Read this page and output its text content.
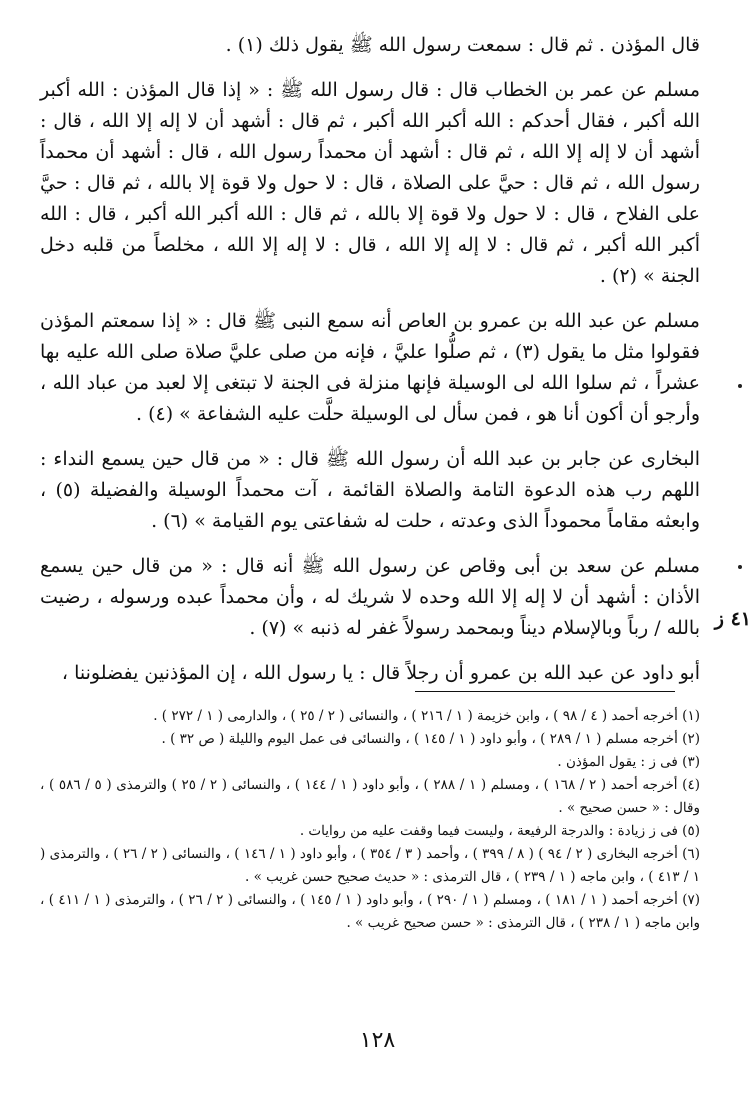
قال المؤذن . ثم قال : سمعت رسول الله ﷺ يقول ذلك (١) .

مسلم عن عمر بن الخطاب قال : قال رسول الله ﷺ : « إذا قال المؤذن : الله أكبر الله أكبر ، فقال أحدكم : الله أكبر الله أكبر ، ثم قال : أشهد أن لا إله إلا الله ، قال : أشهد أن لا إله إلا الله ، ثم قال : أشهد أن محمداً رسول الله ، قال : أشهد أن محمداً رسول الله ، ثم قال : حيَّ على الصلاة ، قال : لا حول ولا قوة إلا بالله ، ثم قال : حيَّ على الفلاح ، قال : لا حول ولا قوة إلا بالله ، ثم قال : الله أكبر الله أكبر ، قال : الله أكبر الله أكبر ، ثم قال : لا إله إلا الله ، قال : لا إله إلا الله ، مخلصاً من قلبه دخل الجنة » (٢) .

مسلم عن عبد الله بن عمرو بن العاص أنه سمع النبى ﷺ قال : « إذا سمعتم المؤذن فقولوا مثل ما يقول (٣) ، ثم صلُّوا عليَّ ، فإنه من صلى عليَّ صلاة صلى الله عليه بها عشراً ، ثم سلوا الله لى الوسيلة فإنها منزلة فى الجنة لا تبتغى إلا لعبد من عباد الله ، وأرجو أن أكون أنا هو ، فمن سأل لى الوسيلة حلَّت عليه الشفاعة » (٤) .

البخارى عن جابر بن عبد الله أن رسول الله ﷺ قال : « من قال حين يسمع النداء : اللهم رب هذه الدعوة التامة والصلاة القائمة ، آت محمداً الوسيلة والفضيلة (٥) ، وابعثه مقاماً محموداً الذى وعدته ، حلت له شفاعتى يوم القيامة » (٦) .

مسلم عن سعد بن أبى وقاص عن رسول الله ﷺ أنه قال : « من قال حين يسمع الأذان : أشهد أن لا إله إلا الله وحده لا شريك له ، وأن محمداً عبده ورسوله ، رضيت بالله / رباً وبالإسلام ديناً وبمحمد رسولاً غفر له ذنبه » (٧) .

أبو داود عن عبد الله بن عمرو أن رجلاً قال : يا رسول الله ، إن المؤذنين يفضلوننا ،

٤١ ز

(١) أخرجه أحمد ( ٤ / ٩٨ ) ، وابن خزيمة ( ١ / ٢١٦ ) ، والنسائى ( ٢ / ٢٥ ) ، والدارمى ( ١ / ٢٧٢ ) .

(٢) أخرجه مسلم ( ١ / ٢٨٩ ) ، وأبو داود ( ١ / ١٤٥ ) ، والنسائى فى عمل اليوم والليلة ( ص ٣٢ ) .

(٣) فى ز : يقول المؤذن .

(٤) أخرجه أحمد ( ٢ / ١٦٨ ) ، ومسلم ( ١ / ٢٨٨ ) ، وأبو داود ( ١ / ١٤٤ ) ، والنسائى ( ٢ / ٢٥ ) والترمذى ( ٥ / ٥٨٦ ) ، وقال : « حسن صحيح » .

(٥) فى ز زيادة : والدرجة الرفيعة ، وليست فيما وقفت عليه من روايات .

(٦) أخرجه البخارى ( ٢ / ٩٤ ) ( ٨ / ٣٩٩ ) ، وأحمد ( ٣ / ٣٥٤ ) ، وأبو داود ( ١ / ١٤٦ ) ، والنسائى ( ٢ / ٢٦ ) ، والترمذى ( ١ / ٤١٣ ) ، وابن ماجه ( ١ / ٢٣٩ ) ، قال الترمذى : « حديث صحيح حسن غريب » .

(٧) أخرجه أحمد ( ١ / ١٨١ ) ، ومسلم ( ١ / ٢٩٠ ) ، وأبو داود ( ١ / ١٤٥ ) ، والنسائى ( ٢ / ٢٦ ) ، والترمذى ( ١ / ٤١١ ) ، وابن ماجه ( ١ / ٢٣٨ ) ، قال الترمذى : « حسن صحيح غريب » .

١٢٨
